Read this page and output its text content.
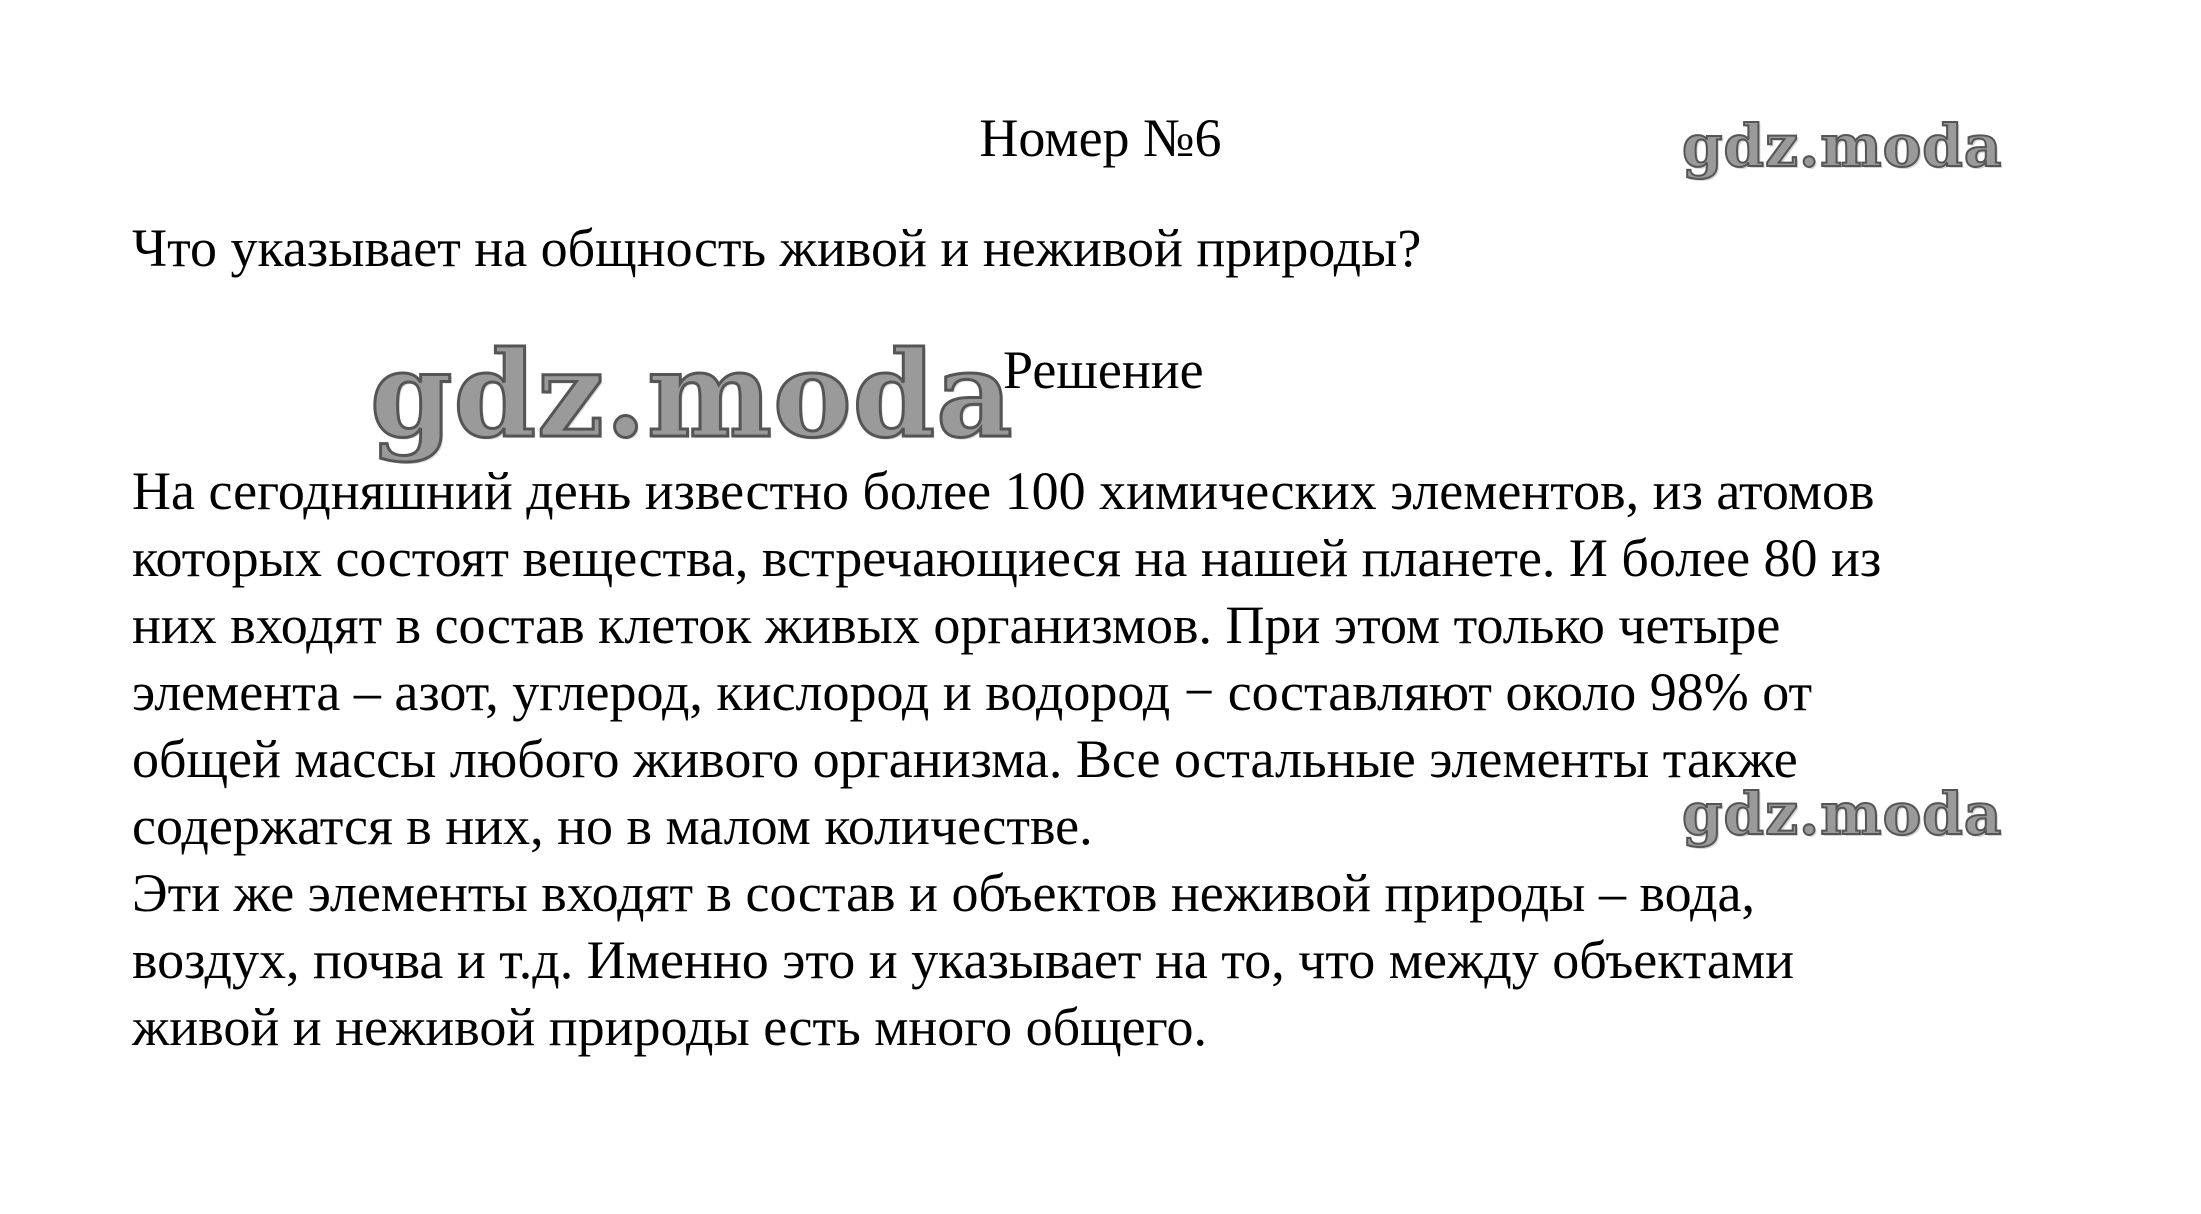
Номер №6	gdz.moda
Что указывает на общность живой и неживой природы?
gdz.moda
Решение
На сегодняшний день известно более 100 химических элементов, из атомов
которых состоят вещества, встречающиеся на нашей планете. И более 80 из
них входят в состав клеток живых организмов. При этом только четыре
элемента – азот, углерод, кислород и водород − составляют около 98% от
общей массы любого живого организма. Все остальные элементы также
содержатся в них, но в малом количестве.
Эти же элементы входят в состав и объектов неживой природы – вода,
воздух, почва и т.д. Именно это и указывает на то, что между объектами
живой и неживой природы есть много общего.
gdz.moda
